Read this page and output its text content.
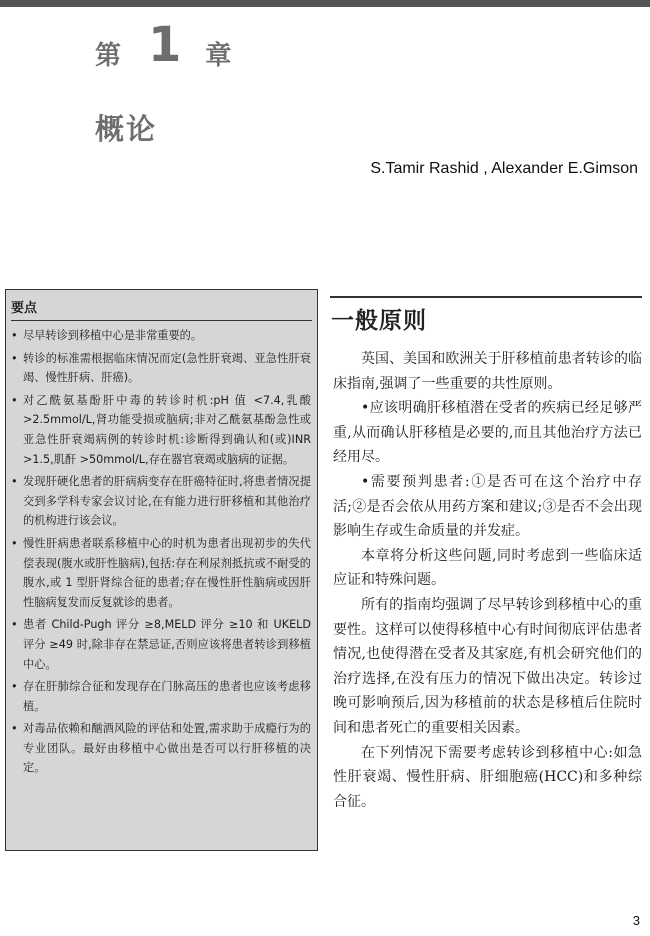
第 1 章
概论
S.Tamir Rashid , Alexander E.Gimson
要点
• 尽早转诊到移植中心是非常重要的。
• 转诊的标准需根据临床情况而定(急性肝衰竭、亚急性肝衰竭、慢性肝病、肝癌)。
• 对乙酰氨基酚肝中毒的转诊时机:pH 值 <7.4,乳酸 >2.5mmol/L,肾功能受损或脑病;非对乙酰氨基酚急性或亚急性肝衰竭病例的转诊时机:诊断得到确认和(或)INR >1.5,肌酐 >50mmol/L,存在器官衰竭或脑病的证据。
• 发现肝硬化患者的肝病病变存在肝癌特征时,将患者情况提交到多学科专家会议讨论,在有能力进行肝移植和其他治疗的机构进行该会议。
• 慢性肝病患者联系移植中心的时机为患者出现初步的失代偿表现(腹水或肝性脑病),包括:存在利尿剂抵抗或不耐受的腹水,或 1 型肝肾综合征的患者;存在慢性肝性脑病或因肝性脑病复发而反复就诊的患者。
• 患者 Child-Pugh 评分 ≥8,MELD 评分 ≥10 和 UKELD 评分 ≥49 时,除非存在禁忌证,否则应该将患者转诊到移植中心。
• 存在肝肺综合征和发现存在门脉高压的患者也应该考虑移植。
• 对毒品依赖和酗酒风险的评估和处置,需求助于成瘾行为的专业团队。最好由移植中心做出是否可以行肝移植的决定。
一般原则

英国、美国和欧洲关于肝移植前患者转诊的临床指南,强调了一些重要的共性原则。

•应该明确肝移植潜在受者的疾病已经足够严重,从而确认肝移植是必要的,而且其他治疗方法已经用尽。

•需要预判患者:①是否可在这个治疗中存活;②是否会依从用药方案和建议;③是否不会出现影响生存或生命质量的并发症。

本章将分析这些问题,同时考虑到一些临床适应证和特殊问题。

所有的指南均强调了尽早转诊到移植中心的重要性。这样可以使得移植中心有时间彻底评估患者情况,也使得潜在受者及其家庭,有机会研究他们的治疗选择,在没有压力的情况下做出决定。转诊过晚可影响预后,因为移植前的状态是移植后住院时间和患者死亡的重要相关因素。

在下列情况下需要考虑转诊到移植中心:如急性肝衰竭、慢性肝病、肝细胞癌(HCC)和多种综合征。

3
